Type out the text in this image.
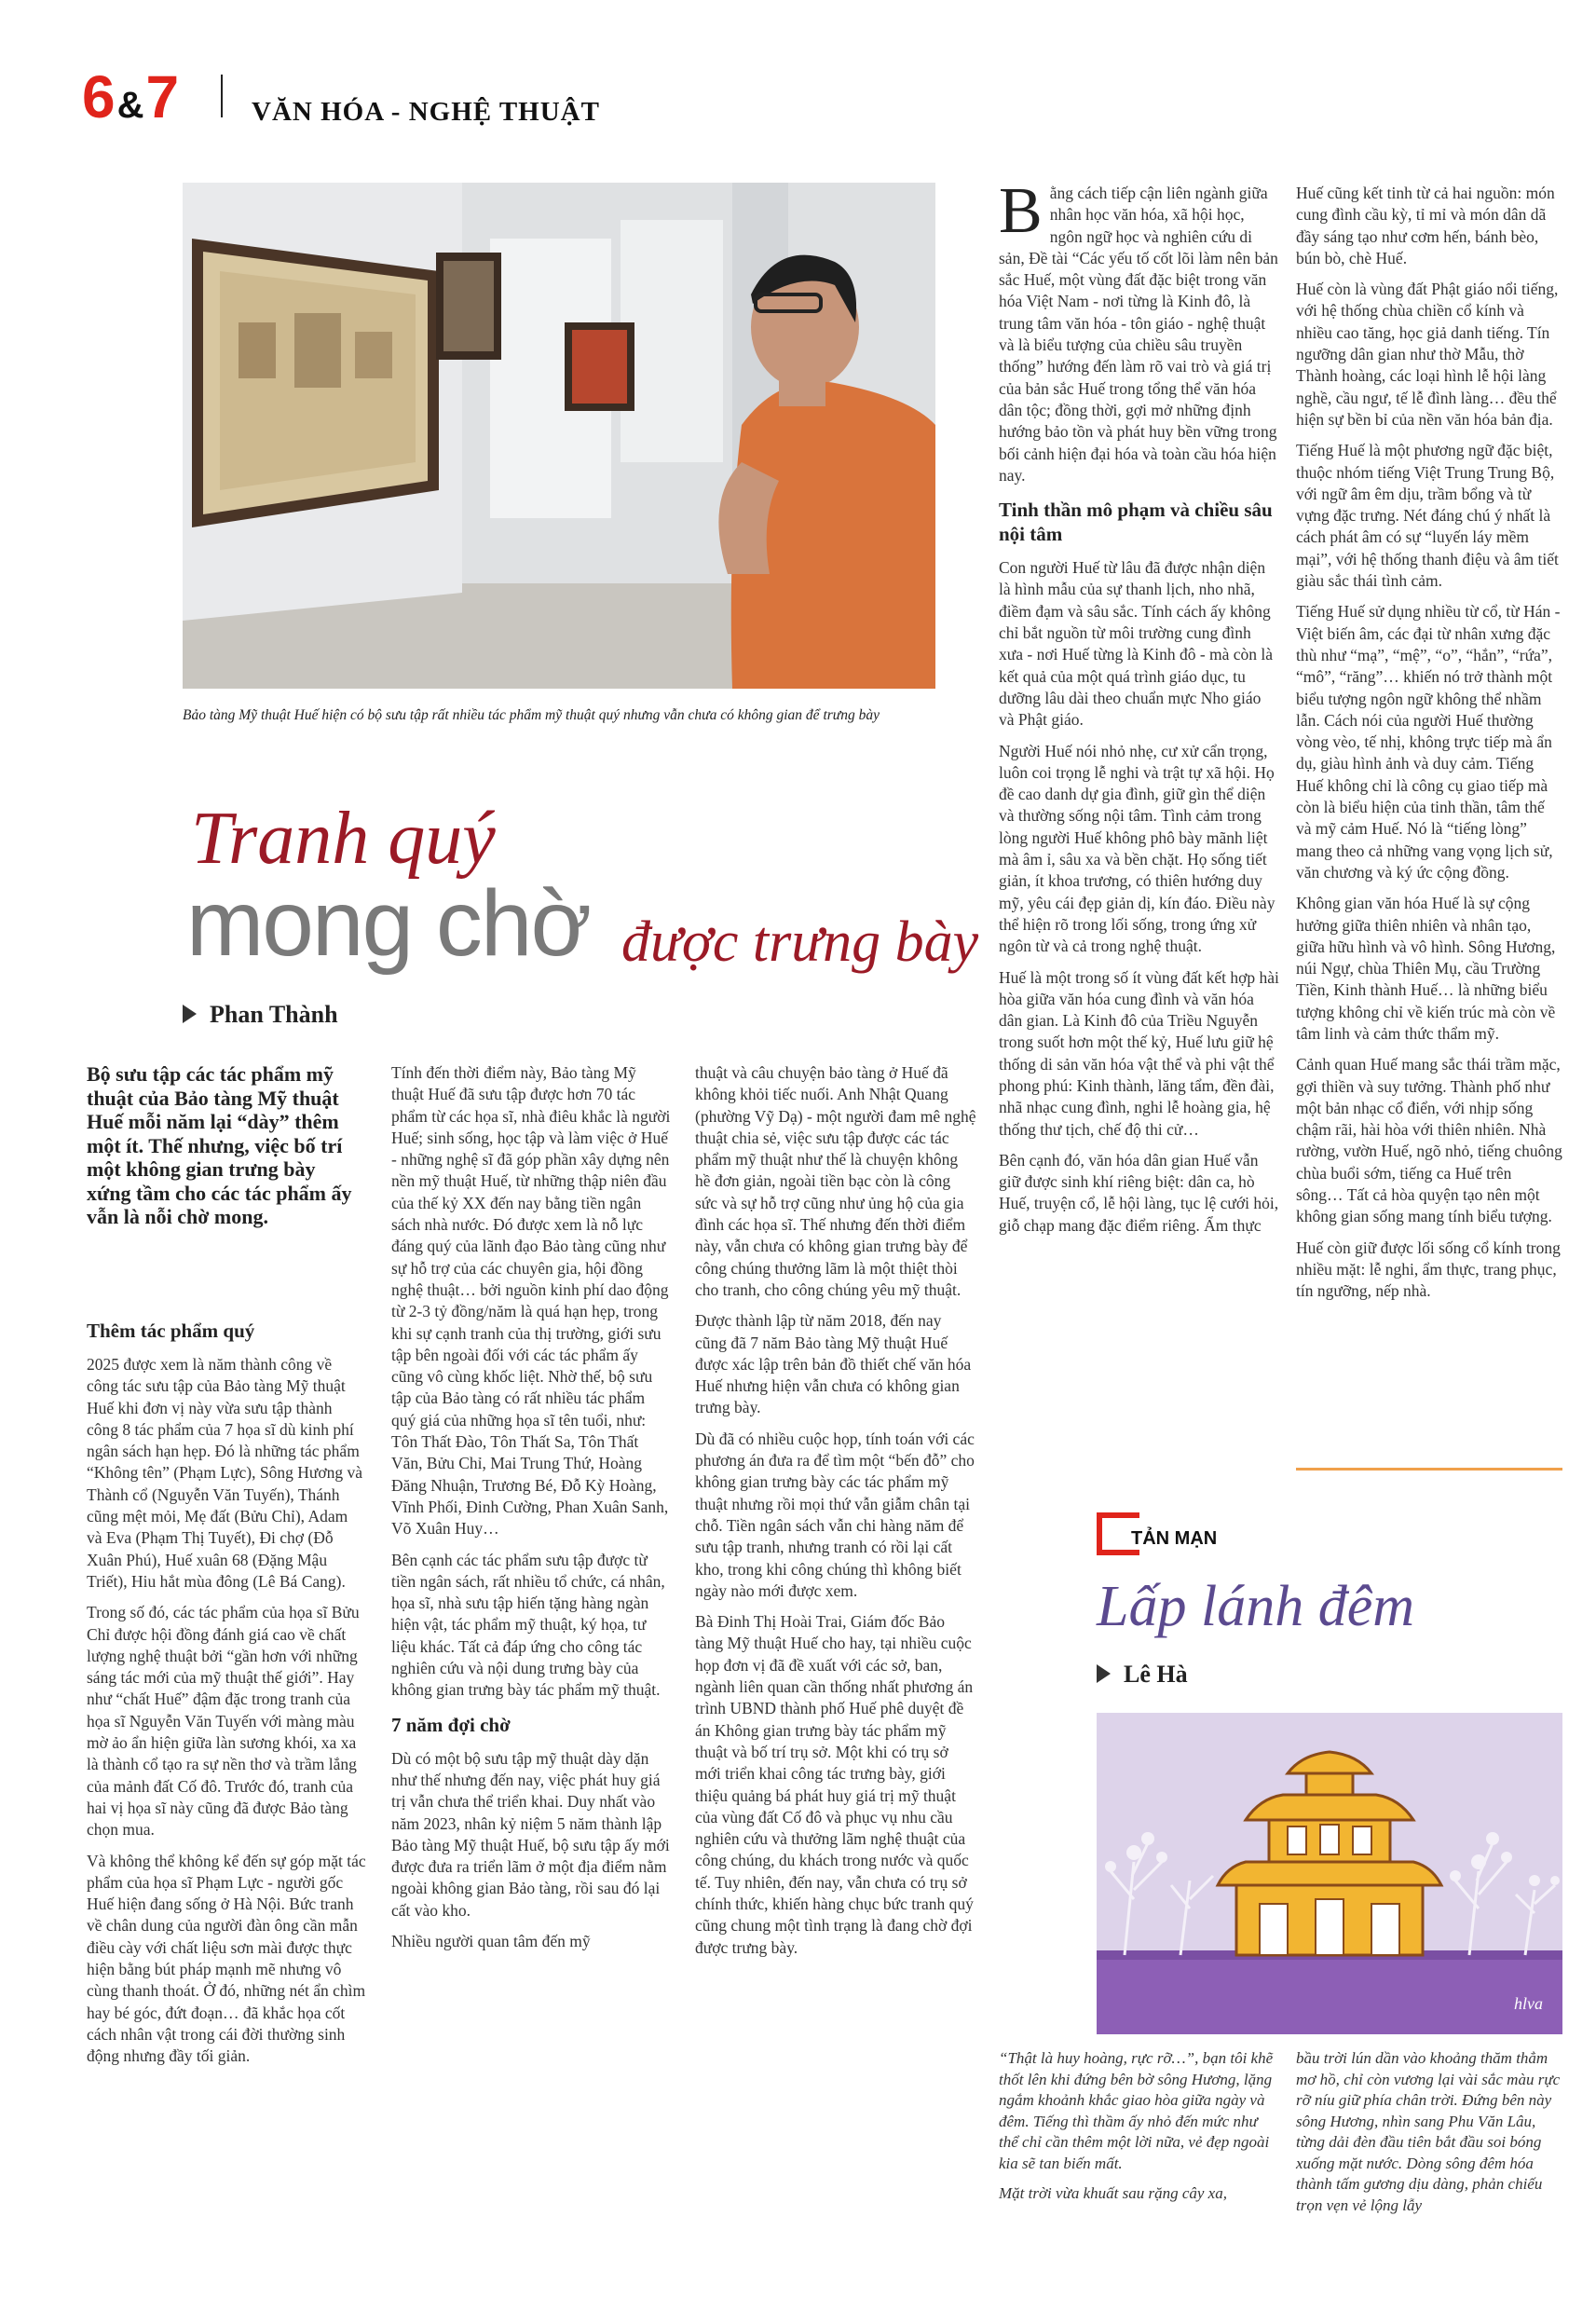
6&7	VĂN HÓA - NGHỆ THUẬT
Bảo tàng Mỹ thuật Huế hiện có bộ sưu tập rất nhiều tác phẩm mỹ thuật quý nhưng vẫn chưa có không gian để trưng bày
Tranh quý
mong chờ được trưng bày
Phan Thành
Bộ sưu tập các tác phẩm mỹ thuật của Bảo tàng Mỹ thuật Huế mỗi năm lại “dày” thêm một ít. Thế nhưng, việc bố trí một không gian trưng bày xứng tầm cho các tác phẩm ấy vẫn là nỗi chờ mong.
Thêm tác phẩm quý

2025 được xem là năm thành công về công tác sưu tập của Bảo tàng Mỹ thuật Huế khi đơn vị này vừa sưu tập thành công 8 tác phẩm của 7 họa sĩ dù kinh phí ngân sách hạn hẹp. Đó là những tác phẩm “Không tên” (Phạm Lực), Sông Hương và Thành cổ (Nguyễn Văn Tuyến), Thánh cũng mệt mỏi, Mẹ đất (Bửu Chỉ), Adam và Eva (Phạm Thị Tuyết), Đi chợ (Đỗ Xuân Phú), Huế xuân 68 (Đặng Mậu Triết), Hiu hắt mùa đông (Lê Bá Cang).

Trong số đó, các tác phẩm của họa sĩ Bửu Chỉ được hội đồng đánh giá cao về chất lượng nghệ thuật bởi “gần hơn với những sáng tác mới của mỹ thuật thế giới”. Hay như “chất Huế” đậm đặc trong tranh của họa sĩ Nguyễn Văn Tuyến với màng màu mờ ảo ẩn hiện giữa làn sương khói, xa xa là thành cổ tạo ra sự nền thơ và trầm lắng của mảnh đất Cố đô. Trước đó, tranh của hai vị họa sĩ này cũng đã được Bảo tàng chọn mua.

Và không thể không kể đến sự góp mặt tác phẩm của họa sĩ Phạm Lực - người gốc Huế hiện đang sống ở Hà Nội. Bức tranh về chân dung của người đàn ông cần mẫn điều cày với chất liệu sơn mài được thực hiện bằng bút pháp mạnh mẽ nhưng vô cùng thanh thoát. Ở đó, những nét ẩn chìm hay bé góc, đứt đoạn… đã khắc họa cốt cách nhân vật trong cái đời thường sinh động nhưng đầy tối giản.

Tính đến thời điểm này, Bảo tàng Mỹ thuật Huế đã sưu tập được hơn 70 tác phẩm từ các họa sĩ, nhà điêu khắc là người Huế; sinh sống, học tập và làm việc ở Huế - những nghệ sĩ đã góp phần xây dựng nên nền mỹ thuật Huế, từ những thập niên đầu của thế kỷ XX đến nay bằng tiền ngân sách nhà nước. Đó được xem là nỗ lực đáng quý của lãnh đạo Bảo tàng cũng như sự hỗ trợ của các chuyên gia, hội đồng nghệ thuật… bởi nguồn kinh phí dao động từ 2-3 tỷ đồng/năm là quá hạn hẹp, trong khi sự cạnh tranh của thị trường, giới sưu tập bên ngoài đối với các tác phẩm ấy cũng vô cùng khốc liệt. Nhờ thế, bộ sưu tập của Bảo tàng có rất nhiều tác phẩm quý giá của những họa sĩ tên tuổi, như: Tôn Thất Đào, Tôn Thất Sa, Tôn Thất Văn, Bửu Chỉ, Mai Trung Thứ, Hoàng Đăng Nhuận, Trương Bé, Đỗ Kỳ Hoàng, Vĩnh Phối, Đinh Cường, Phan Xuân Sanh, Võ Xuân Huy…

Bên cạnh các tác phẩm sưu tập được từ tiền ngân sách, rất nhiều tổ chức, cá nhân, họa sĩ, nhà sưu tập hiến tặng hàng ngàn hiện vật, tác phẩm mỹ thuật, ký họa, tư liệu khác. Tất cả đáp ứng cho công tác nghiên cứu và nội dung trưng bày của không gian trưng bày tác phẩm mỹ thuật.

7 năm đợi chờ

Dù có một bộ sưu tập mỹ thuật dày dặn như thế nhưng đến nay, việc phát huy giá trị vẫn chưa thể triển khai. Duy nhất vào năm 2023, nhân kỷ niệm 5 năm thành lập Bảo tàng Mỹ thuật Huế, bộ sưu tập ấy mới được đưa ra triển lãm ở một địa điểm nằm ngoài không gian Bảo tàng, rồi sau đó lại cất vào kho.

Nhiều người quan tâm đến mỹ

thuật và câu chuyện bảo tàng ở Huế đã không khỏi tiếc nuối. Anh Nhật Quang (phường Vỹ Dạ) - một người đam mê nghệ thuật chia sẻ, việc sưu tập được các tác phẩm mỹ thuật như thế là chuyện không hề đơn giản, ngoài tiền bạc còn là công sức và sự hỗ trợ cũng như ủng hộ của gia đình các họa sĩ. Thế nhưng đến thời điểm này, vẫn chưa có không gian trưng bày để công chúng thưởng lãm là một thiệt thòi cho tranh, cho công chúng yêu mỹ thuật.

Được thành lập từ năm 2018, đến nay cũng đã 7 năm Bảo tàng Mỹ thuật Huế được xác lập trên bản đồ thiết chế văn hóa Huế nhưng hiện vẫn chưa có không gian trưng bày.

Dù đã có nhiều cuộc họp, tính toán với các phương án đưa ra để tìm một “bến đỗ” cho không gian trưng bày các tác phẩm mỹ thuật nhưng rồi mọi thứ vẫn giẫm chân tại chỗ. Tiền ngân sách vẫn chi hàng năm để sưu tập tranh, nhưng tranh có rồi lại cất kho, trong khi công chúng thì không biết ngày nào mới được xem.

Bà Đinh Thị Hoài Trai, Giám đốc Bảo tàng Mỹ thuật Huế cho hay, tại nhiều cuộc họp đơn vị đã đề xuất với các sở, ban, ngành liên quan cần thống nhất phương án trình UBND thành phố Huế phê duyệt đề án Không gian trưng bày tác phẩm mỹ thuật và bố trí trụ sở. Một khi có trụ sở mới triển khai công tác trưng bày, giới thiệu quảng bá phát huy giá trị mỹ thuật của vùng đất Cố đô và phục vụ nhu cầu nghiên cứu và thưởng lãm nghệ thuật của công chúng, du khách trong nước và quốc tế. Tuy nhiên, đến nay, vẫn chưa có trụ sở chính thức, khiến hàng chục bức tranh quý cũng chung một tình trạng là đang chờ đợi được trưng bày.

Bằng cách tiếp cận liên ngành giữa nhân học văn hóa, xã hội học, ngôn ngữ học và nghiên cứu di sản, Đề tài “Các yếu tố cốt lõi làm nên bản sắc Huế, một vùng đất đặc biệt trong văn hóa Việt Nam - nơi từng là Kinh đô, là trung tâm văn hóa - tôn giáo - nghệ thuật và là biểu tượng của chiều sâu truyền thống” hướng đến làm rõ vai trò và giá trị của bản sắc Huế trong tổng thể văn hóa dân tộc; đồng thời, gợi mở những định hướng bảo tồn và phát huy bền vững trong bối cảnh hiện đại hóa và toàn cầu hóa hiện nay.

Tinh thần mô phạm và chiều sâu nội tâm

Con người Huế từ lâu đã được nhận diện là hình mẫu của sự thanh lịch, nho nhã, điềm đạm và sâu sắc. Tính cách ấy không chỉ bắt nguồn từ môi trường cung đình xưa - nơi Huế từng là Kinh đô - mà còn là kết quả của một quá trình giáo dục, tu dưỡng lâu dài theo chuẩn mực Nho giáo và Phật giáo.

Người Huế nói nhỏ nhẹ, cư xử cẩn trọng, luôn coi trọng lễ nghi và trật tự xã hội. Họ đề cao danh dự gia đình, giữ gìn thể diện và thường sống nội tâm. Tình cảm trong lòng người Huế không phô bày mãnh liệt mà âm ỉ, sâu xa và bền chặt. Họ sống tiết giản, ít khoa trương, có thiên hướng duy mỹ, yêu cái đẹp giản dị, kín đáo. Điều này thể hiện rõ trong lối sống, trong ứng xử ngôn từ và cả trong nghệ thuật.

Huế là một trong số ít vùng đất kết hợp hài hòa giữa văn hóa cung đình và văn hóa dân gian. Là Kinh đô của Triều Nguyễn trong suốt hơn một thế kỷ, Huế lưu giữ hệ thống di sản văn hóa vật thể và phi vật thể phong phú: Kinh thành, lăng tẩm, đền đài, nhã nhạc cung đình, nghi lễ hoàng gia, hệ thống thư tịch, chế độ thi cử…

Bên cạnh đó, văn hóa dân gian Huế vẫn giữ được sinh khí riêng biệt: dân ca, hò Huế, truyện cổ, lễ hội làng, tục lệ cưới hỏi, giỗ chạp mang đặc điểm riêng. Ẩm thực

Huế cũng kết tinh từ cả hai nguồn: món cung đình cầu kỳ, tỉ mỉ và món dân dã đầy sáng tạo như cơm hến, bánh bèo, bún bò, chè Huế.

Huế còn là vùng đất Phật giáo nổi tiếng, với hệ thống chùa chiền cổ kính và nhiều cao tăng, học giả danh tiếng. Tín ngưỡng dân gian như thờ Mẫu, thờ Thành hoàng, các loại hình lễ hội làng nghề, cầu ngư, tế lễ đình làng… đều thể hiện sự bền bỉ của nền văn hóa bản địa.

Tiếng Huế là một phương ngữ đặc biệt, thuộc nhóm tiếng Việt Trung Trung Bộ, với ngữ âm êm dịu, trầm bổng và từ vựng đặc trưng. Nét đáng chú ý nhất là cách phát âm có sự “luyến láy mềm mại”, với hệ thống thanh điệu và âm tiết giàu sắc thái tình cảm.

Tiếng Huế sử dụng nhiều từ cổ, từ Hán - Việt biến âm, các đại từ nhân xưng đặc thù như “mạ”, “mệ”, “o”, “hắn”, “rứa”, “mô”, “răng”… khiến nó trở thành một biểu tượng ngôn ngữ không thể nhầm lẫn. Cách nói của người Huế thường vòng vèo, tế nhị, không trực tiếp mà ẩn dụ, giàu hình ảnh và duy cảm. Tiếng Huế không chỉ là công cụ giao tiếp mà còn là biểu hiện của tinh thần, tâm thế và mỹ cảm Huế. Nó là “tiếng lòng” mang theo cả những vang vọng lịch sử, văn chương và ký ức cộng đồng.

Không gian văn hóa Huế là sự cộng hưởng giữa thiên nhiên và nhân tạo, giữa hữu hình và vô hình. Sông Hương, núi Ngự, chùa Thiên Mụ, cầu Trường Tiền, Kinh thành Huế… là những biểu tượng không chỉ về kiến trúc mà còn về tâm linh và cảm thức thẩm mỹ.

Cảnh quan Huế mang sắc thái trầm mặc, gợi thiền và suy tưởng. Thành phố như một bản nhạc cổ điển, với nhịp sống chậm rãi, hài hòa với thiên nhiên. Nhà rường, vườn Huế, ngõ nhỏ, tiếng chuông chùa buổi sớm, tiếng ca Huế trên sông… Tất cả hòa quyện tạo nên một không gian sống mang tính biểu tượng.

Huế còn giữ được lối sống cổ kính trong nhiều mặt: lễ nghi, ẩm thực, trang phục, tín ngưỡng, nếp nhà.

TẢN MẠN
Lấp lánh đêm
Lê Hà
hlva

“Thật là huy hoàng, rực rỡ…”, bạn tôi khẽ thốt lên khi đứng bên bờ sông Hương, lặng ngắm khoảnh khắc giao hòa giữa ngày và đêm. Tiếng thì thầm ấy nhỏ đến mức như thể chỉ cần thêm một lời nữa, vẻ đẹp ngoài kia sẽ tan biến mất.

Mặt trời vừa khuất sau rặng cây xa,

bầu trời lún dần vào khoảng thăm thẳm mơ hồ, chỉ còn vương lại vài sắc màu rực rỡ níu giữ phía chân trời. Đứng bên này sông Hương, nhìn sang Phu Văn Lâu, từng dải đèn đầu tiên bắt đầu soi bóng xuống mặt nước. Dòng sông đêm hóa thành tấm gương dịu dàng, phản chiếu trọn vẹn vẻ lộng lẫy
